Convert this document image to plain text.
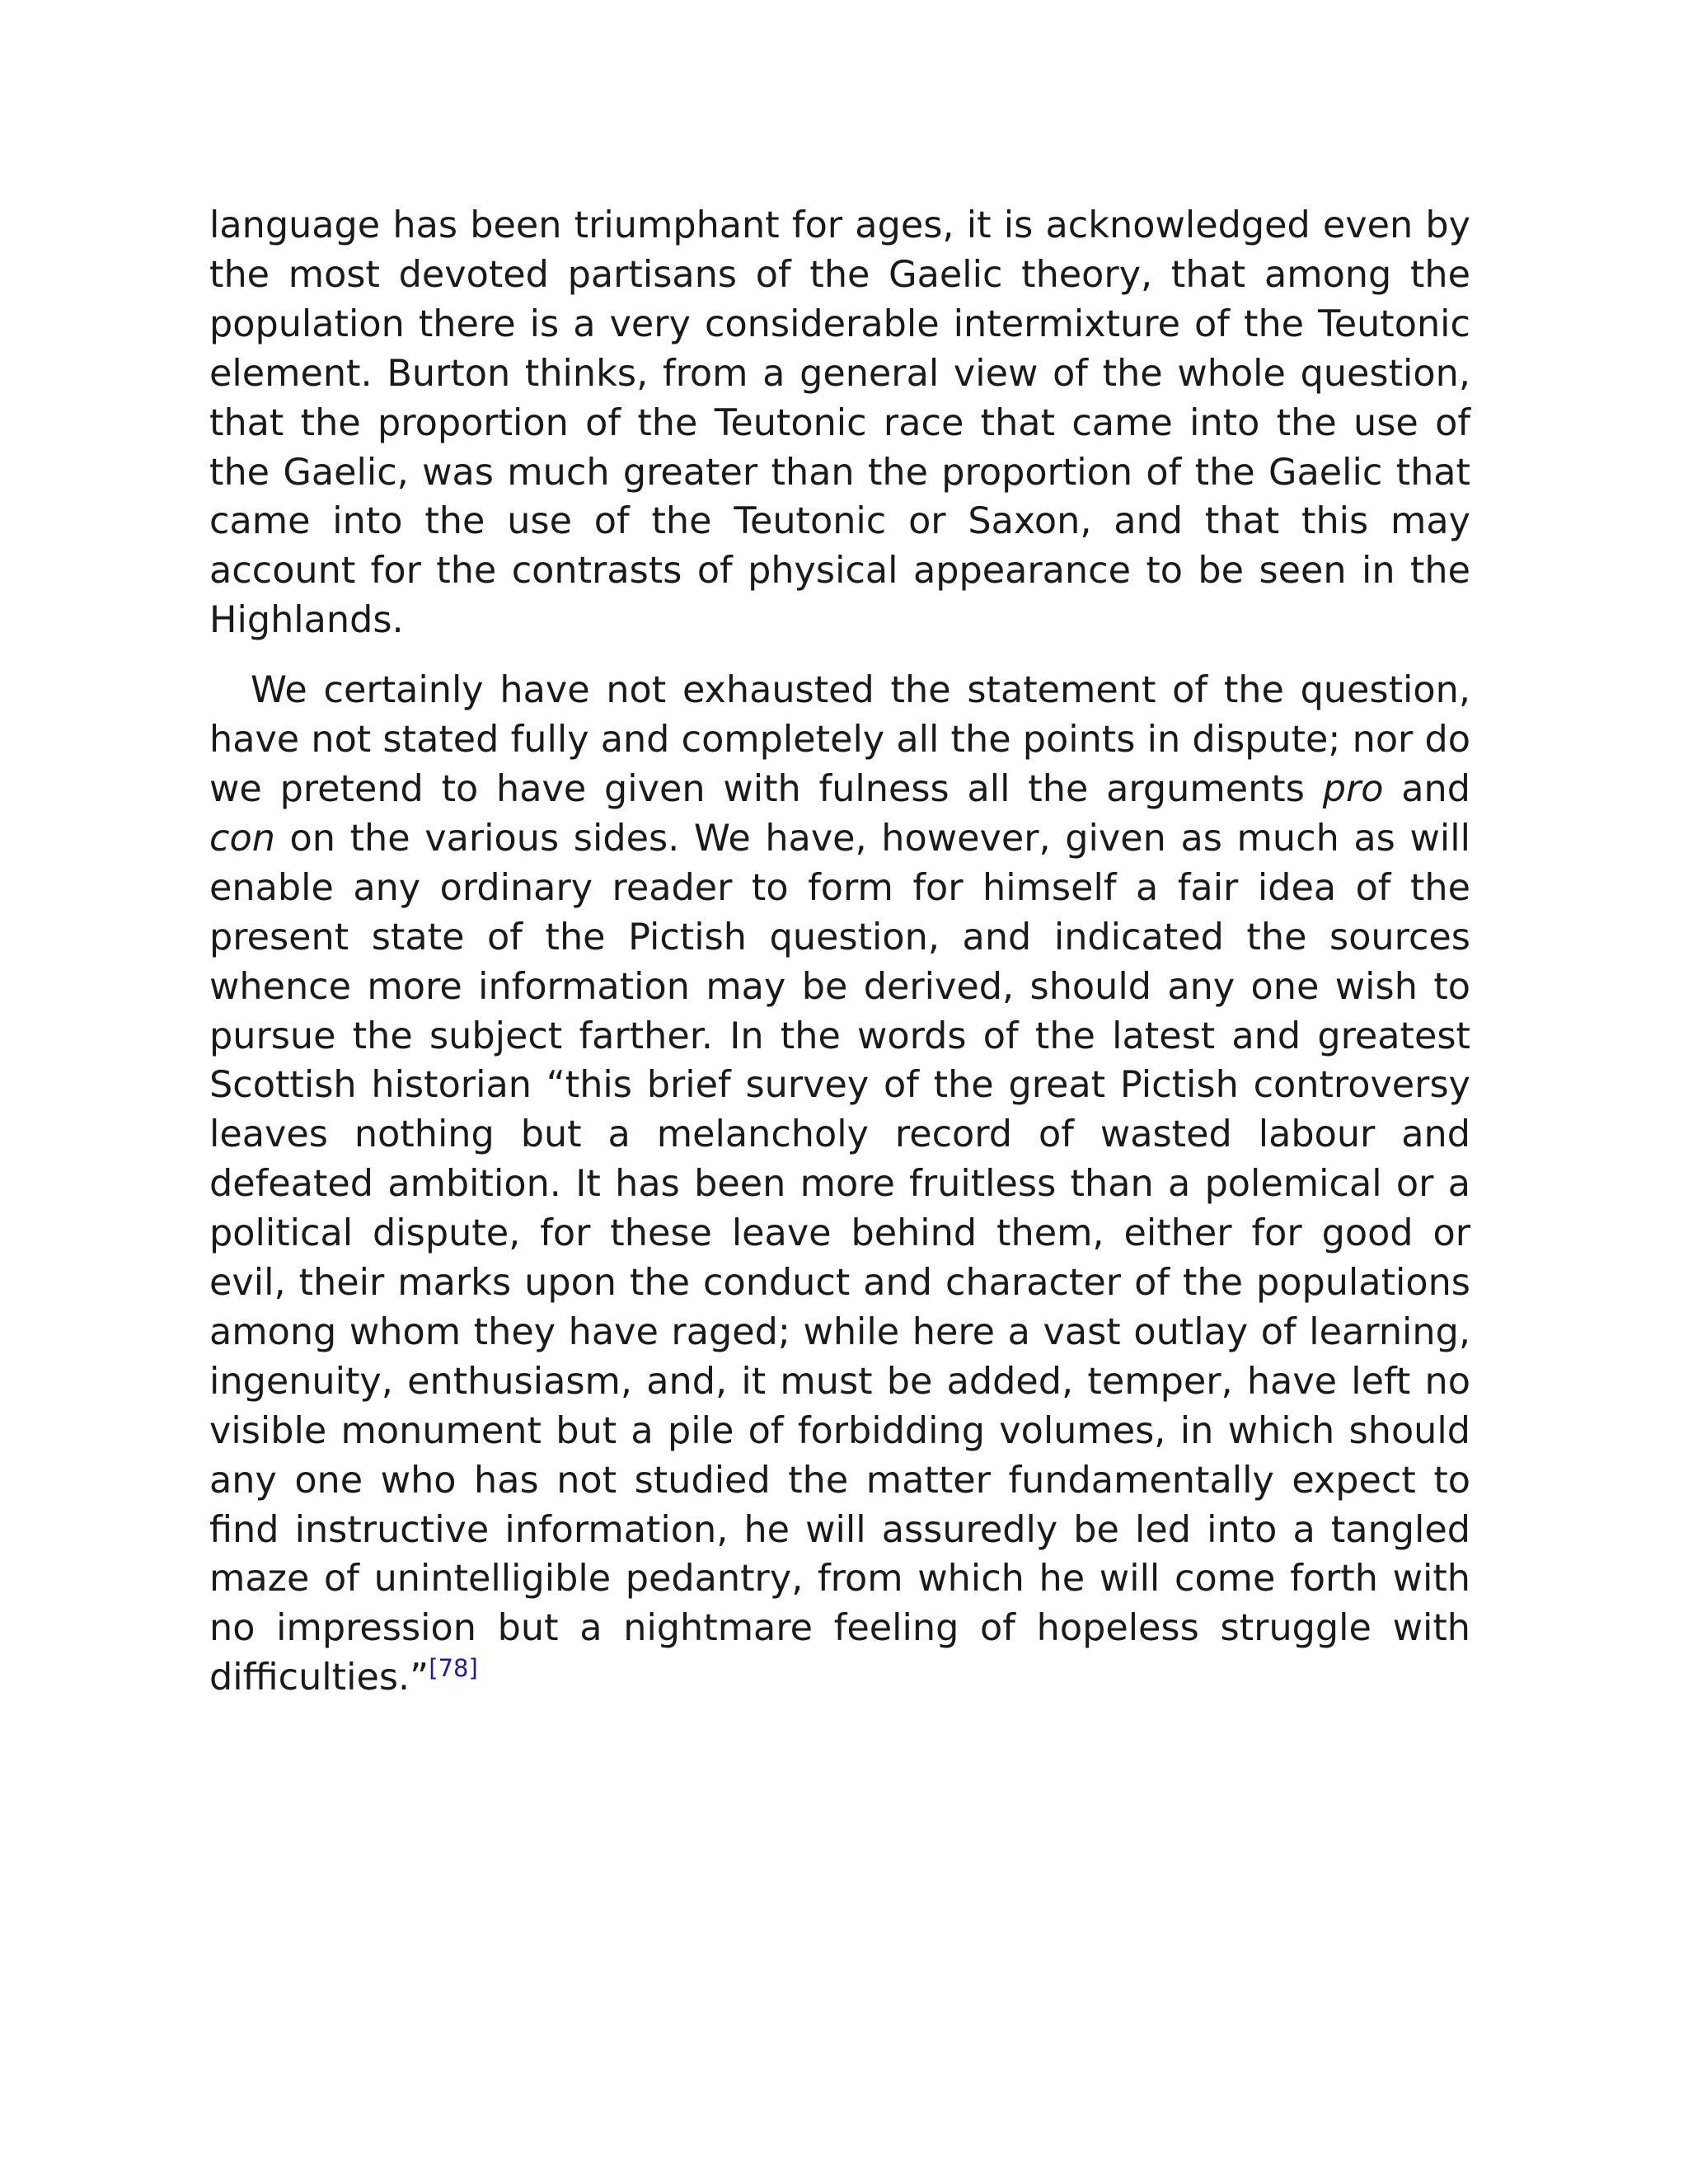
language has been triumphant for ages, it is acknowledged even by the most devoted partisans of the Gaelic theory, that among the population there is a very considerable intermixture of the Teutonic element. Burton thinks, from a general view of the whole question, that the proportion of the Teutonic race that came into the use of the Gaelic, was much greater than the proportion of the Gaelic that came into the use of the Teutonic or Saxon, and that this may account for the contrasts of physical appearance to be seen in the Highlands.

We certainly have not exhausted the statement of the question, have not stated fully and completely all the points in dispute; nor do we pretend to have given with fulness all the arguments pro and con on the various sides. We have, however, given as much as will enable any ordinary reader to form for himself a fair idea of the present state of the Pictish question, and indicated the sources whence more information may be derived, should any one wish to pursue the subject farther. In the words of the latest and greatest Scottish historian “this brief survey of the great Pictish controversy leaves nothing but a melancholy record of wasted labour and defeated ambition. It has been more fruitless than a polemical or a political dispute, for these leave behind them, either for good or evil, their marks upon the conduct and character of the populations among whom they have raged; while here a vast outlay of learning, ingenuity, enthusiasm, and, it must be added, temper, have left no visible monument but a pile of forbidding volumes, in which should any one who has not studied the matter fundamentally expect to find instructive information, he will assuredly be led into a tangled maze of unintelligible pedantry, from which he will come forth with no impression but a nightmare feeling of hopeless struggle with difficulties.”[78]
